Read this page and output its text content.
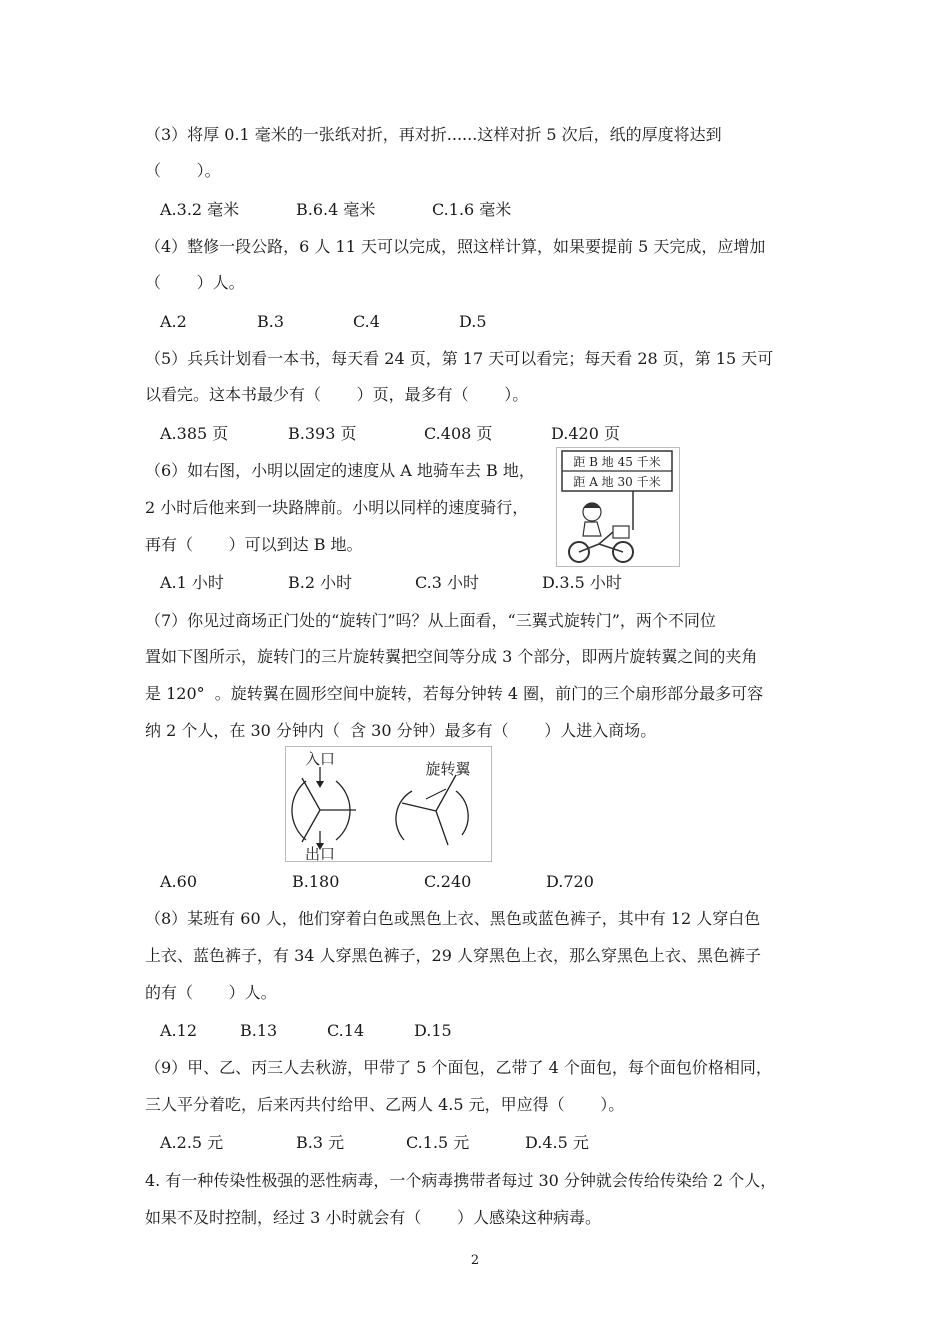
（3）将厚 0.1 毫米的一张纸对折，再对折......这样对折 5 次后，纸的厚度将达到
（       ）。
A.3.2 毫米	B.6.4 毫米	C.1.6 毫米
（4）整修一段公路，6 人 11 天可以完成，照这样计算，如果要提前 5 天完成，应增加
（       ）人。
A.2	B.3	C.4	D.5
（5）兵兵计划看一本书，每天看 24 页，第 17 天可以看完；每天看 28 页，第 15 天可
以看完。这本书最少有（       ）页，最多有（       ）。
A.385 页	B.393 页	C.408 页	D.420 页
（6）如右图，小明以固定的速度从 A 地骑车去 B 地，
2 小时后他来到一块路牌前。小明以同样的速度骑行，
再有（       ）可以到达 B 地。
距 B 地 45 千米
距 A 地 30 千米
A.1 小时	B.2 小时	C.3 小时	D.3.5 小时
（7）你见过商场正门处的“旋转门”吗？从上面看，“三翼式旋转门”，两个不同位
置如下图所示，旋转门的三片旋转翼把空间等分成 3 个部分，即两片旋转翼之间的夹角
是 120°  。旋转翼在圆形空间中旋转，若每分钟转 4 圈，前门的三个扇形部分最多可容
纳 2 个人，在 30 分钟内（  含 30 分钟）最多有（       ）人进入商场。
入口
出口
旋转翼
A.60	B.180	C.240	D.720
（8）某班有 60 人，他们穿着白色或黑色上衣、黑色或蓝色裤子，其中有 12 人穿白色
上衣、蓝色裤子，有 34 人穿黑色裤子，29 人穿黑色上衣，那么穿黑色上衣、黑色裤子
的有（       ）人。
A.12	B.13	C.14	D.15
（9）甲、乙、丙三人去秋游，甲带了 5 个面包，乙带了 4 个面包，每个面包价格相同，
三人平分着吃，后来丙共付给甲、乙两人 4.5 元，甲应得（       ）。
A.2.5 元	B.3 元	C.1.5 元	D.4.5 元
4. 有一种传染性极强的恶性病毒，一个病毒携带者每过 30 分钟就会传给传染给 2 个人，
如果不及时控制，经过 3 小时就会有（       ）人感染这种病毒。
2
